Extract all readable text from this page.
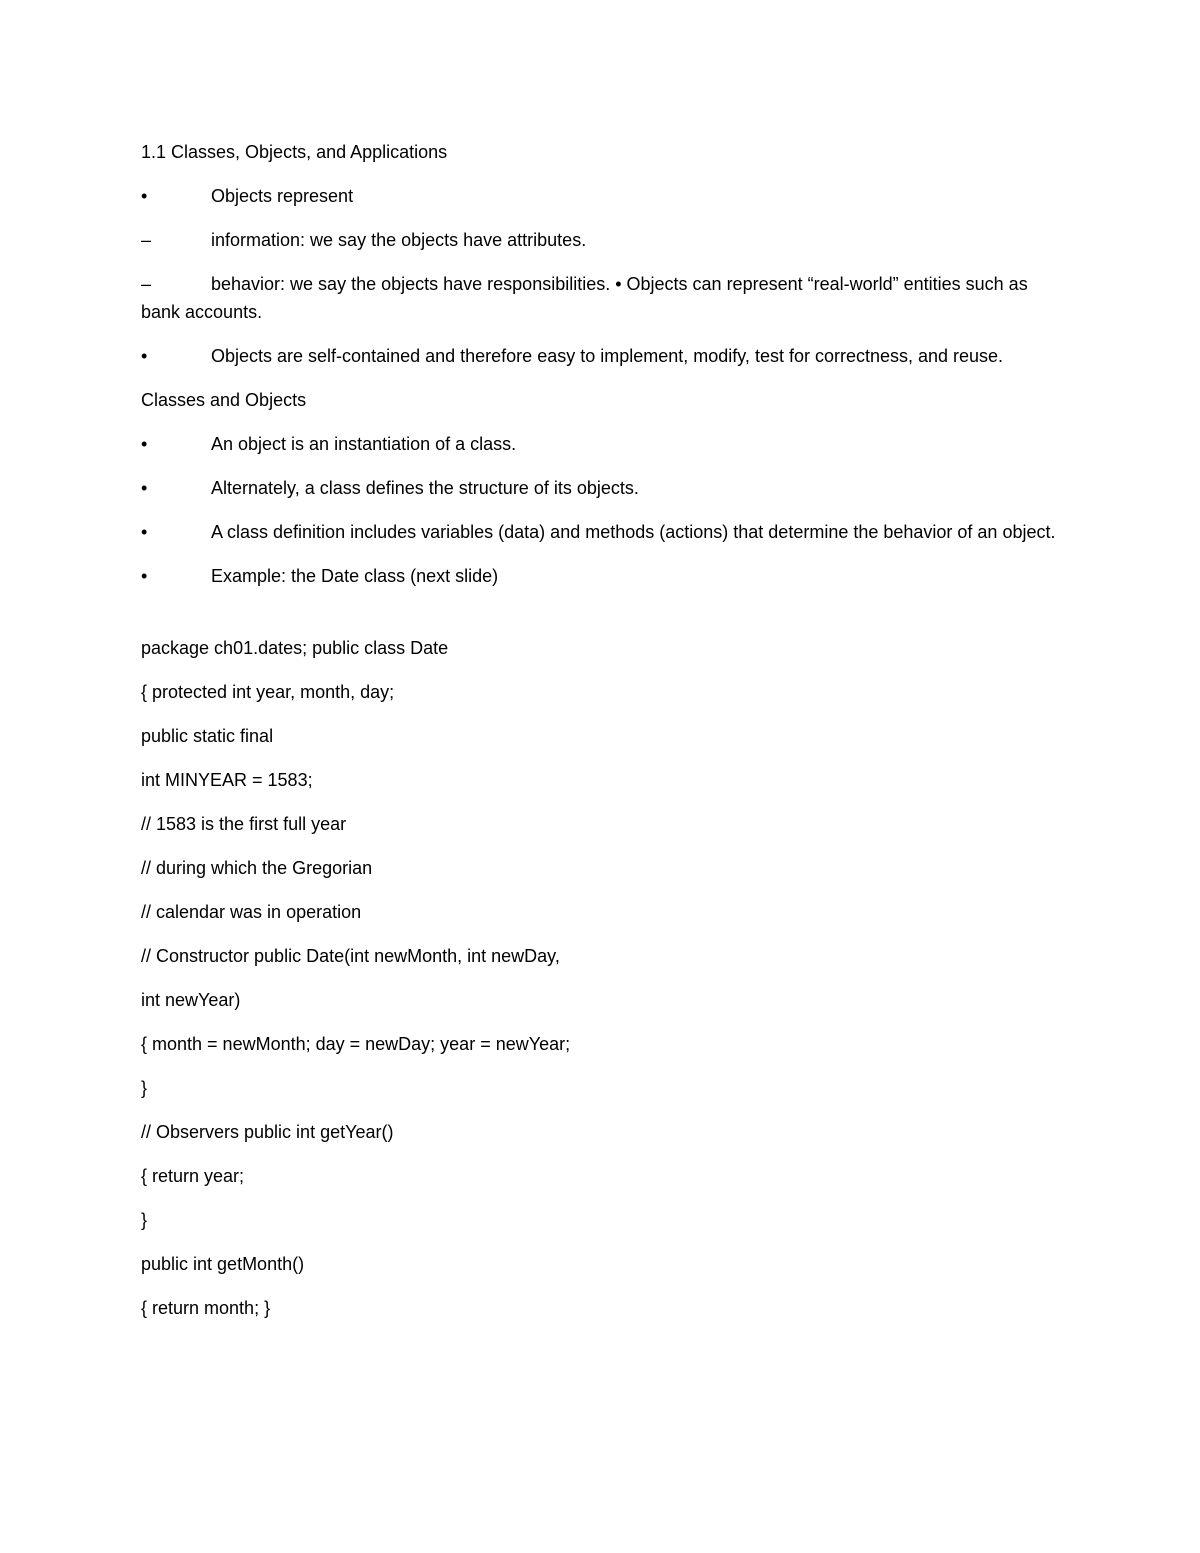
1.1 Classes, Objects, and Applications
•	Objects represent
–	information: we say the objects have attributes.
–	behavior: we say the objects have responsibilities. • Objects can represent “real-world” entities such as bank accounts.
•	Objects are self-contained and therefore easy to implement, modify, test for correctness, and reuse.
Classes and Objects
•	An object is an instantiation of a class.
•	Alternately, a class defines the structure of its objects.
•	A class definition includes variables (data) and methods (actions) that determine the behavior of an object.
•	Example: the Date class (next slide)
package ch01.dates; public class Date
{ protected int year, month, day;
public static final
int MINYEAR = 1583;
// 1583 is the first full year
// during which the Gregorian
// calendar was in operation
// Constructor public Date(int newMonth, int newDay,
int newYear)
{ month = newMonth; day = newDay; year = newYear;
}
// Observers public int getYear()
{ return year;
}
public int getMonth()
{ return month; }
